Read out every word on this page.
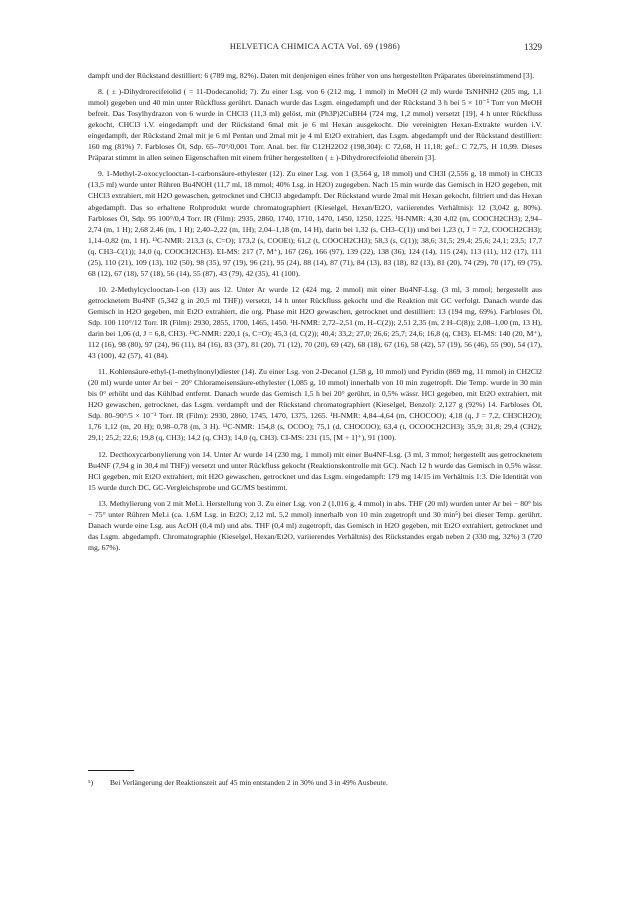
HELVETICA CHIMICA ACTA Vol. 69 (1986)	1329

dampft und der Rückstand destilliert: 6 (789 mg, 82%). Daten mit denjenigen eines früher von uns hergestellten Präparates übereinstimmend [3].

8. ( ± )-Dihydrorecifeiolid ( = 11-Dodecanolid; 7). Zu einer Lsg. von 6 (212 mg, 1 mmol) in MeOH (2 ml) wurde TsNHNH2 (205 mg, 1,1 mmol) gegeben und 40 min unter Rückfluss gerührt. Danach wurde das Lsgm. eingedampft und der Rückstand 3 h bei 5 × 10⁻⁵ Torr von MeOH befreit. Das Tosylhydrazon von 6 wurde in CHCl3 (11,3 ml) gelöst, mit (Ph3P)2CuBH4 (724 mg, 1,2 mmol) versetzt [19], 4 h unter Rückfluss gekocht, CHCl3 i.V. eingedampft und der Rückstand 6mal mit je 6 ml Hexan ausgekocht. Die vereinigten Hexan-Extrakte wurden i.V. eingedampft, der Rückstand 2mal mit je 6 ml Pentan und 2mal mit je 4 ml Et2O extrahiert, das Lsgm. abgedampft und der Rückstand destilliert: 160 mg (81%) 7. Farbloses Öl, Sdp. 65–70°/0,001 Torr. Anal. ber. für C12H22O2 (198,304): C 72,68, H 11,18; gef.: C 72,75, H 10,99. Dieses Präparat stimmt in allen seinen Eigenschaften mit einem früher hergestellten ( ± )-Dihydrorecifeiolid überein [3].

9. 1-Methyl-2-oxocyclooctan-1-carbonsäure-ethylester (12). Zu einer Lsg. von 1 (3,564 g, 18 mmol) und CH3I (2,556 g, 18 mmol) in CHCl3 (13,5 ml) wurde unter Rühren Bu4NOH (11,7 ml, 18 mmol; 40% Lsg. in H2O) zugegeben. Nach 15 min wurde das Gemisch in H2O gegeben, mit CHCl3 extrahiert, mit H2O gewaschen, getrocknet und CHCl3 abgedampft. Der Rückstand wurde 2mal mit Hexan gekocht, filtriert und das Hexan abgedampft. Das so erhaltene Rohprodukt wurde chromatographiert (Kieselgel, Hexan/Et2O, variierendes Verhältnis): 12 (3,042 g, 80%). Farbloses Öl, Sdp. 95 100°/0,4 Torr. IR (Film): 2935, 2860, 1740, 1710, 1470, 1450, 1250, 1225. ¹H-NMR: 4,30 4,02 (m, COOCH2CH3); 2,94–2,74 (m, 1 H); 2,68 2,46 (m, 1 H); 2,40–2,22 (m, 1H); 2,04–1,18 (m, 14 H), darin bei 1,32 (s, CH3–C(1)) und bei 1,23 (t, J = 7,2, COOCH2CH3); 1,14–0,82 (m, 1 H). ¹³C-NMR: 213,3 (s, C=O); 173,2 (s, COOEt); 61,2 (t, COOCH2CH3); 58,3 (s, C(1)); 38,6; 31,5; 29,4; 25,6; 24,1; 23,5; 17,7 (q, CH3–C(1)); 14,0 (q, COOCH2CH3). EI-MS: 217 (7, M⁺), 167 (26), 166 (97), 139 (22), 138 (36), 124 (14), 115 (24), 113 (11), 112 (17), 111 (25), 110 (21), 109 (13), 102 (50), 98 (35), 97 (19), 96 (21), 95 (24), 88 (14), 87 (71), 84 (13), 83 (18), 82 (13), 81 (20), 74 (29), 70 (17), 69 (75), 68 (12), 67 (18), 57 (18), 56 (14), 55 (87), 43 (79), 42 (35), 41 (100).

10. 2-Methylcyclooctan-1-on (13) aus 12. Unter Ar wurde 12 (424 mg, 2 mmol) mit einer Bu4NF-Lsg. (3 ml, 3 mmol; hergestellt aus getrocknetem Bu4NF (5,342 g in 20,5 ml THF)) versetzt, 14 h unter Rückfluss gekocht und die Reaktion mit GC verfolgt. Danach wurde das Gemisch in H2O gegeben, mit Et2O extrahiert, die org. Phase mit H2O gewaschen, getrocknet und destilliert: 13 (194 mg, 69%). Farbloses Öl, Sdp. 100 110°/12 Torr. IR (Film): 2930, 2855, 1700, 1465, 1450. ¹H-NMR: 2,72–2,51 (m, H–C(2)); 2,51 2,35 (m, 2 H–C(8)); 2,08–1,00 (m, 13 H), darin bei 1,06 (d, J = 6,8, CH3). ¹³C-NMR: 220,1 (s, C=O); 45,3 (d, C(2)); 40,4; 33,2; 27,0; 26,6; 25,7; 24,6; 16,8 (q, CH3). EI-MS: 140 (20, M⁺), 112 (16), 98 (80), 97 (24), 96 (11), 84 (16), 83 (37), 81 (20), 71 (12), 70 (20), 69 (42), 68 (18), 67 (16), 58 (42), 57 (19), 56 (46), 55 (90), 54 (17), 43 (100), 42 (57), 41 (84).

11. Kohlensäure-ethyl-(1-methylnonyl)diester (14). Zu einer Lsg. von 2-Decanol (1,58 g, 10 mmol) und Pyridin (869 mg, 11 mmol) in CH2Cl2 (20 ml) wurde unter Ar bei − 20° Chlorameisensäure-ethylester (1,085 g, 10 mmol) innerhalb von 10 min zugetropft. Die Temp. wurde in 30 min bis 0° erhöht und das Kühlbad entfernt. Danach wurde das Gemisch 1,5 h bei 20° gerührt, in 0,5% wässr. HCl gegeben, mit Et2O extrahiert, mit H2O gewaschen, getrocknet, das Lsgm. verdampft und der Rückstand chromatographiert (Kieselgel, Benzol): 2,127 g (92%) 14. Farbloses Öl, Sdp. 80–90°/5 × 10⁻³ Torr. IR (Film): 2930, 2860, 1745, 1470, 1375, 1265. ¹H-NMR: 4,84–4,64 (m, CHOCOO); 4,18 (q, J = 7,2, CH3CH2O); 1,76 1,12 (m, 20 H); 0,98–0,78 (m, 3 H). ¹³C-NMR: 154,8 (s, OCOO); 75,1 (d, CHOCOO); 63,4 (t, OCOOCH2CH3); 35,9; 31,8; 29,4 (CH2); 29,1; 25,2; 22,6; 19,8 (q, CH3); 14,2 (q, CH3); 14,0 (q, CH3). CI-MS: 231 (15, [M + 1]⁺), 91 (100).

12. Decthoxycarbonylierung von 14. Unter Ar wurde 14 (230 mg, 1 mmol) mit einer Bu4NF-Lsg. (3 ml, 3 mmol; hergestellt aus getrocknetem Bu4NF (7,94 g in 30,4 ml THF)) versetzt und unter Rückfluss gekocht (Reaktionskontrolle mit GC). Nach 12 h wurde das Gemisch in 0,5% wässr. HCl gegeben, mit Et2O extrahiert, mit H2O gewaschen, getrocknet und das Lsgm. eingedampft: 179 mg 14/15 im Verhältnis 1:3. Die Identität von 15 wurde durch DC, GC-Vergleichsprobe und GC/MS bestimmt.

13. Methylierung von 2 mit MeLi. Herstellung von 3. Zu einer Lsg. von 2 (1,016 g, 4 mmol) in abs. THF (20 ml) wurden unter Ar bei − 80° bis − 75° unter Rühren MeLi (ca. 1,6M Lsg. in Et2O; 2,12 ml, 5,2 mmol) innerhalb von 10 min zugetropft und 30 min⁵) bei dieser Temp. gerührt. Danach wurde eine Lsg. aus AcOH (0,4 ml) und abs. THF (0,4 ml) zugetropft, das Gemisch in H2O gegeben, mit Et2O extrahiert, getrocknet und das Lsgm. abgedampft. Chromatographie (Kieselgel, Hexan/Et2O, variierendes Verhältnis) des Rückstandes ergab neben 2 (330 mg, 32%) 3 (720 mg, 67%).

⁵) Bei Verlängerung der Reaktionszeit auf 45 min entstanden 2 in 30% und 3 in 49% Ausbeute.
